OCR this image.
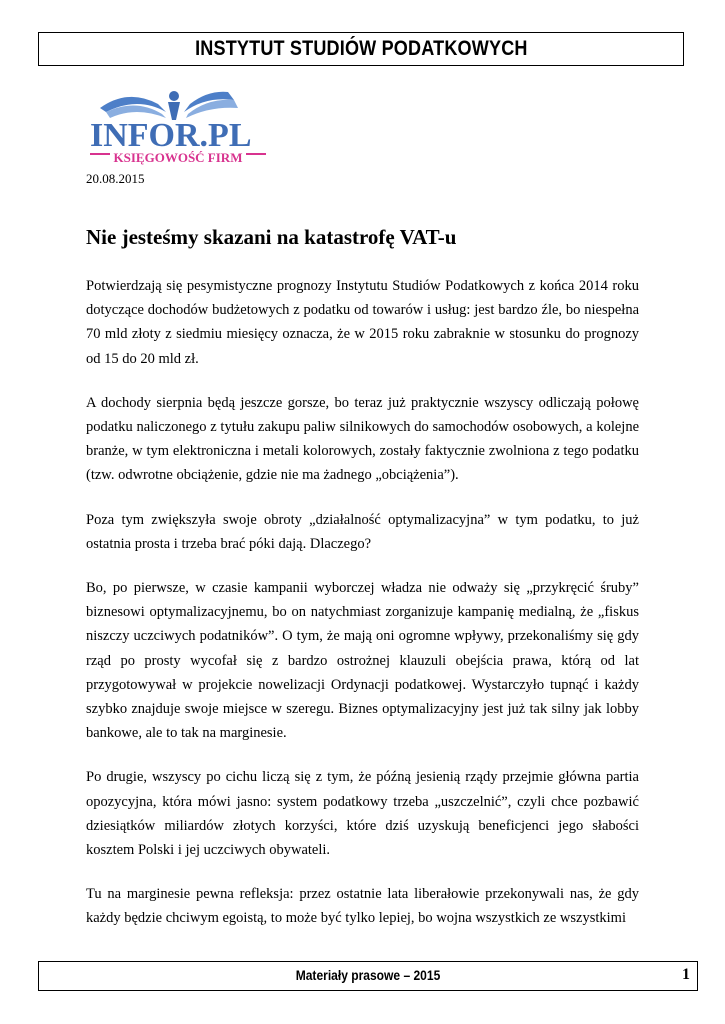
INSTYTUT STUDIÓW PODATKOWYCH
INFOR.PL
KSIĘGOWOŚĆ FIRM
20.08.2015
Nie jesteśmy skazani na katastrofę VAT-u

Potwierdzają się pesymistyczne prognozy Instytutu Studiów Podatkowych z końca 2014 roku dotyczące dochodów budżetowych z podatku od towarów i usług: jest bardzo źle, bo niespełna 70 mld złoty z siedmiu miesięcy oznacza, że w 2015 roku zabraknie w stosunku do prognozy od 15 do 20 mld zł.

A dochody sierpnia będą jeszcze gorsze, bo teraz już praktycznie wszyscy odliczają połowę podatku naliczonego z tytułu zakupu paliw silnikowych do samochodów osobowych, a kolejne branże, w tym elektroniczna i metali kolorowych, zostały faktycznie zwolniona z tego podatku (tzw. odwrotne obciążenie, gdzie nie ma żadnego „obciążenia”).

Poza tym zwiększyła swoje obroty „działalność optymalizacyjna” w tym podatku, to już ostatnia prosta i trzeba brać póki dają. Dlaczego?

Bo, po pierwsze, w czasie kampanii wyborczej władza nie odważy się „przykręcić śruby” biznesowi optymalizacyjnemu, bo on natychmiast zorganizuje kampanię medialną, że „fiskus niszczy uczciwych podatników”. O tym, że mają oni ogromne wpływy, przekonaliśmy się gdy rząd po prosty wycofał się z bardzo ostrożnej klauzuli obejścia prawa, którą od lat przygotowywał w projekcie nowelizacji Ordynacji podatkowej. Wystarczyło tupnąć i każdy szybko znajduje swoje miejsce w szeregu. Biznes optymalizacyjny jest już tak silny jak lobby bankowe, ale to tak na marginesie.

Po drugie, wszyscy po cichu liczą się z tym, że późną jesienią rządy przejmie główna partia opozycyjna, która mówi jasno: system podatkowy trzeba „uszczelnić”, czyli chce pozbawić dziesiątków miliardów złotych korzyści, które dziś uzyskują beneficjenci jego słabości kosztem Polski i jej uczciwych obywateli.

Tu na marginesie pewna refleksja: przez ostatnie lata liberałowie przekonywali nas, że gdy każdy będzie chciwym egoistą, to może być tylko lepiej, bo wojna wszystkich ze wszystkimi

Materiały prasowe – 2015	1
